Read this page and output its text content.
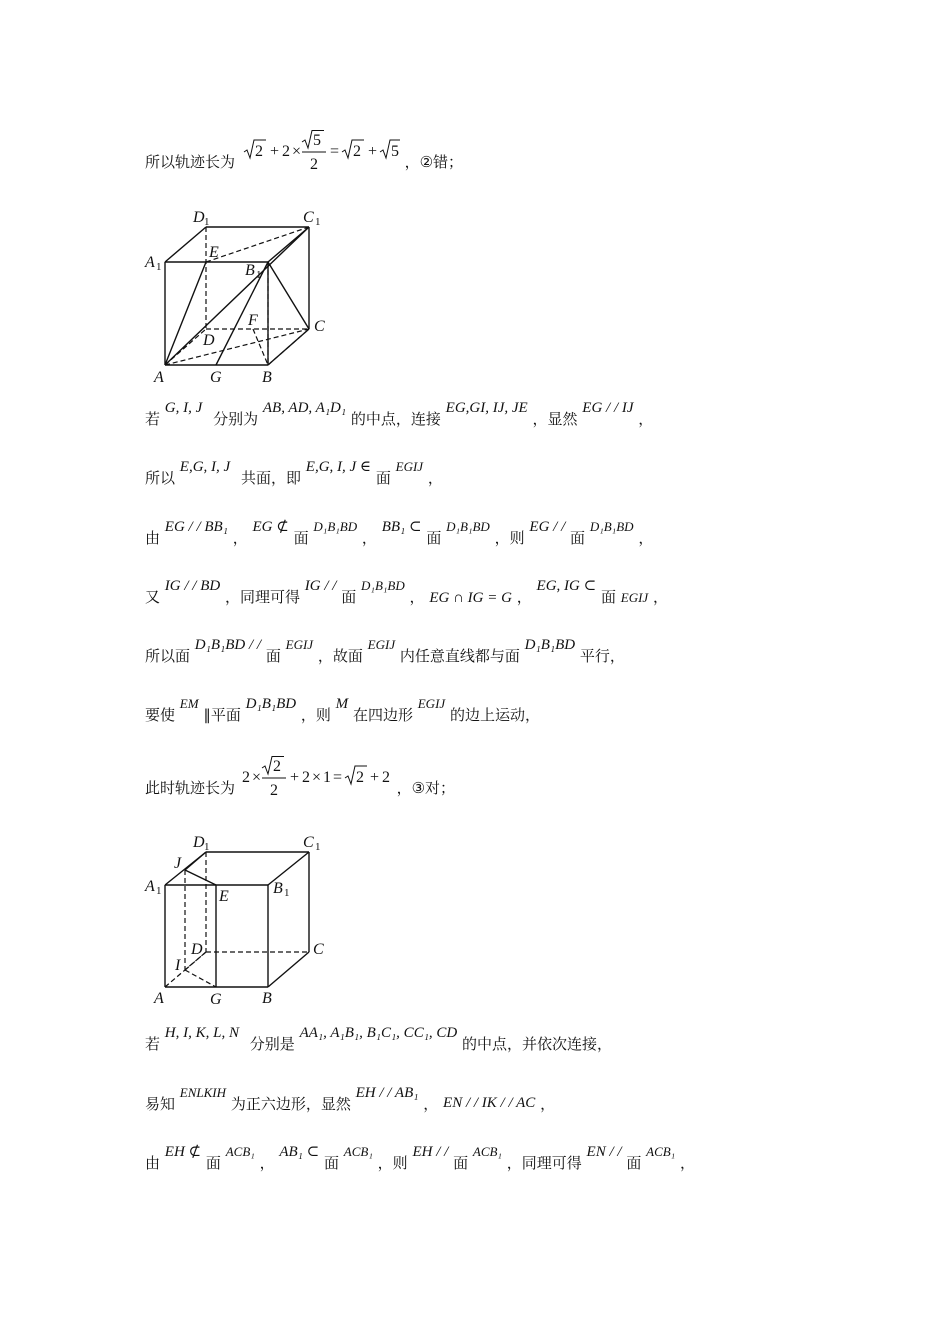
所以轨迹长为
2 + 2 ×
5
2
= 2 + 5
，②错；
D 1	C 1
A 1
E
B 1
F	C
D
A	G	B
若 G, I, J 分别为 AB, AD, A₁D₁ 的中点，连接 EG,GI, IJ, JE ，显然 EG / / IJ ，
所以 E,G, I, J 共面，即 E,G, I, J ∈ 面 EGIJ ，
由 EG / / BB₁ ， EG ⊄ 面 D₁B₁BD ， BB₁ ⊂ 面 D₁B₁BD ，则 EG / / 面 D₁B₁BD ，
又 IG / / BD ，同理可得 IG / / 面 D₁B₁BD ， EG ∩ IG = G ， EG, IG ⊂ 面 EGIJ ，
所以面 D₁B₁BD / / 面 EGIJ ，故面 EGIJ 内任意直线都与面 D₁B₁BD 平行，
要使 EM ∥平面 D₁B₁BD ，则 M 在四边形 EGIJ 的边上运动，
此时轨迹长为
2 ×
2
2
+ 2 × 1 = 2 + 2
，③对；
D 1	C 1
J
A 1	B 1
E
D	C
I
A	G	B
若 H, I, K, L, N 分别是 AA₁, A₁B₁, B₁C₁, CC₁, CD 的中点，并依次连接，
易知 ENLKIH 为正六边形，显然 EH / / AB₁ ， EN / / IK / / AC ，
由 EH ⊄ 面 ACB₁ ， AB₁ ⊂ 面 ACB₁ ，则 EH / / 面 ACB₁ ，同理可得 EN / / 面 ACB₁ ，
